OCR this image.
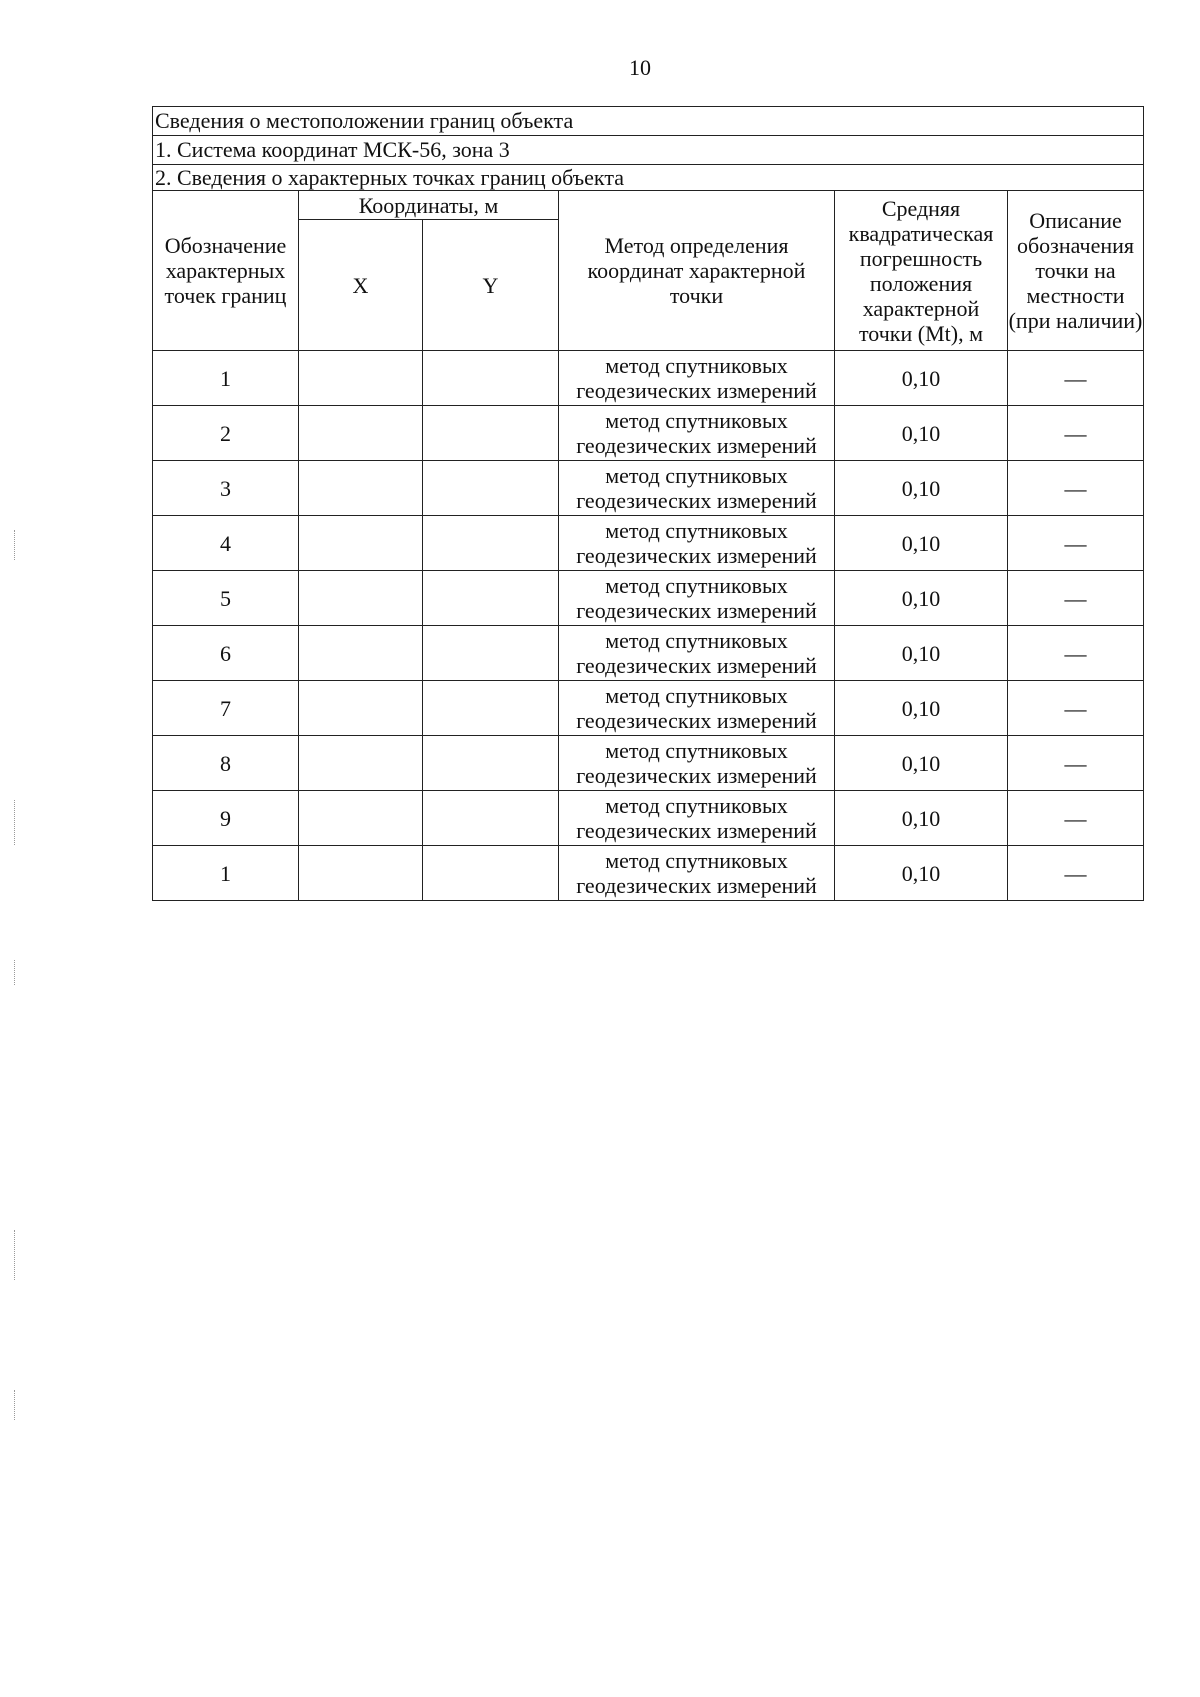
10
Сведения о местоположении границ объекта					
1. Система координат МСК-56, зона 3					
2. Сведения о характерных точках границ объекта					
Обозначение характерных точек границ	Координаты, м		Метод определения координат характерной точки	Средняя квадратическая погрешность положения характерной точки (Mt), м	Описание обозначения точки на местности (при наличии)
	X	Y			
1			метод спутниковых геодезических измерений	0,10	—
2			метод спутниковых геодезических измерений	0,10	—
3			метод спутниковых геодезических измерений	0,10	—
4			метод спутниковых геодезических измерений	0,10	—
5			метод спутниковых геодезических измерений	0,10	—
6			метод спутниковых геодезических измерений	0,10	—
7			метод спутниковых геодезических измерений	0,10	—
8			метод спутниковых геодезических измерений	0,10	—
9			метод спутниковых геодезических измерений	0,10	—
1			метод спутниковых геодезических измерений	0,10	—
